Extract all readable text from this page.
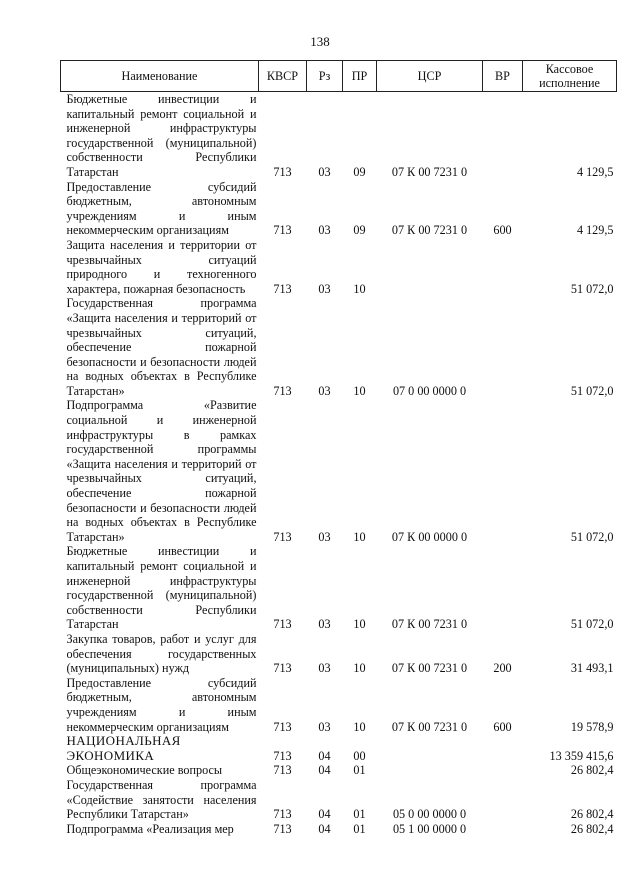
138
Наименование	КВСР	Рз	ПР	ЦСР	ВР	Кассовое исполнение
Бюджетные инвестиции и капитальный ремонт социальной и инженерной инфраструктуры государственной (муниципальной) собственности Республики Татарстан	713	03	09	07 К 00 7231 0		4 129,5
Предоставление субсидий бюджетным, автономным учреждениям и иным некоммерческим организациям	713	03	09	07 К 00 7231 0	600	4 129,5
Защита населения и территории от чрезвычайных ситуаций природного и техногенного характера, пожарная безопасность	713	03	10			51 072,0
Государственная программа «Защита населения и территорий от чрезвычайных ситуаций, обеспечение пожарной безопасности и безопасности людей на водных объектах в Республике Татарстан»	713	03	10	07 0 00 0000 0		51 072,0
Подпрограмма «Развитие социальной и инженерной инфраструктуры в рамках государственной программы «Защита населения и территорий от чрезвычайных ситуаций, обеспечение пожарной безопасности и безопасности людей на водных объектах в Республике Татарстан»	713	03	10	07 К 00 0000 0		51 072,0
Бюджетные инвестиции и капитальный ремонт социальной и инженерной инфраструктуры государственной (муниципальной) собственности Республики Татарстан	713	03	10	07 К 00 7231 0		51 072,0
Закупка товаров, работ и услуг для обеспечения государственных (муниципальных) нужд	713	03	10	07 К 00 7231 0	200	31 493,1
Предоставление субсидий бюджетным, автономным учреждениям и иным некоммерческим организациям	713	03	10	07 К 00 7231 0	600	19 578,9
НАЦИОНАЛЬНАЯ ЭКОНОМИКА	713	04	00			13 359 415,6
Общеэкономические вопросы	713	04	01			26 802,4
Государственная программа «Содействие занятости населения Республики Татарстан»	713	04	01	05 0 00 0000 0		26 802,4
Подпрограмма «Реализация мер	713	04	01	05 1 00 0000 0		26 802,4
